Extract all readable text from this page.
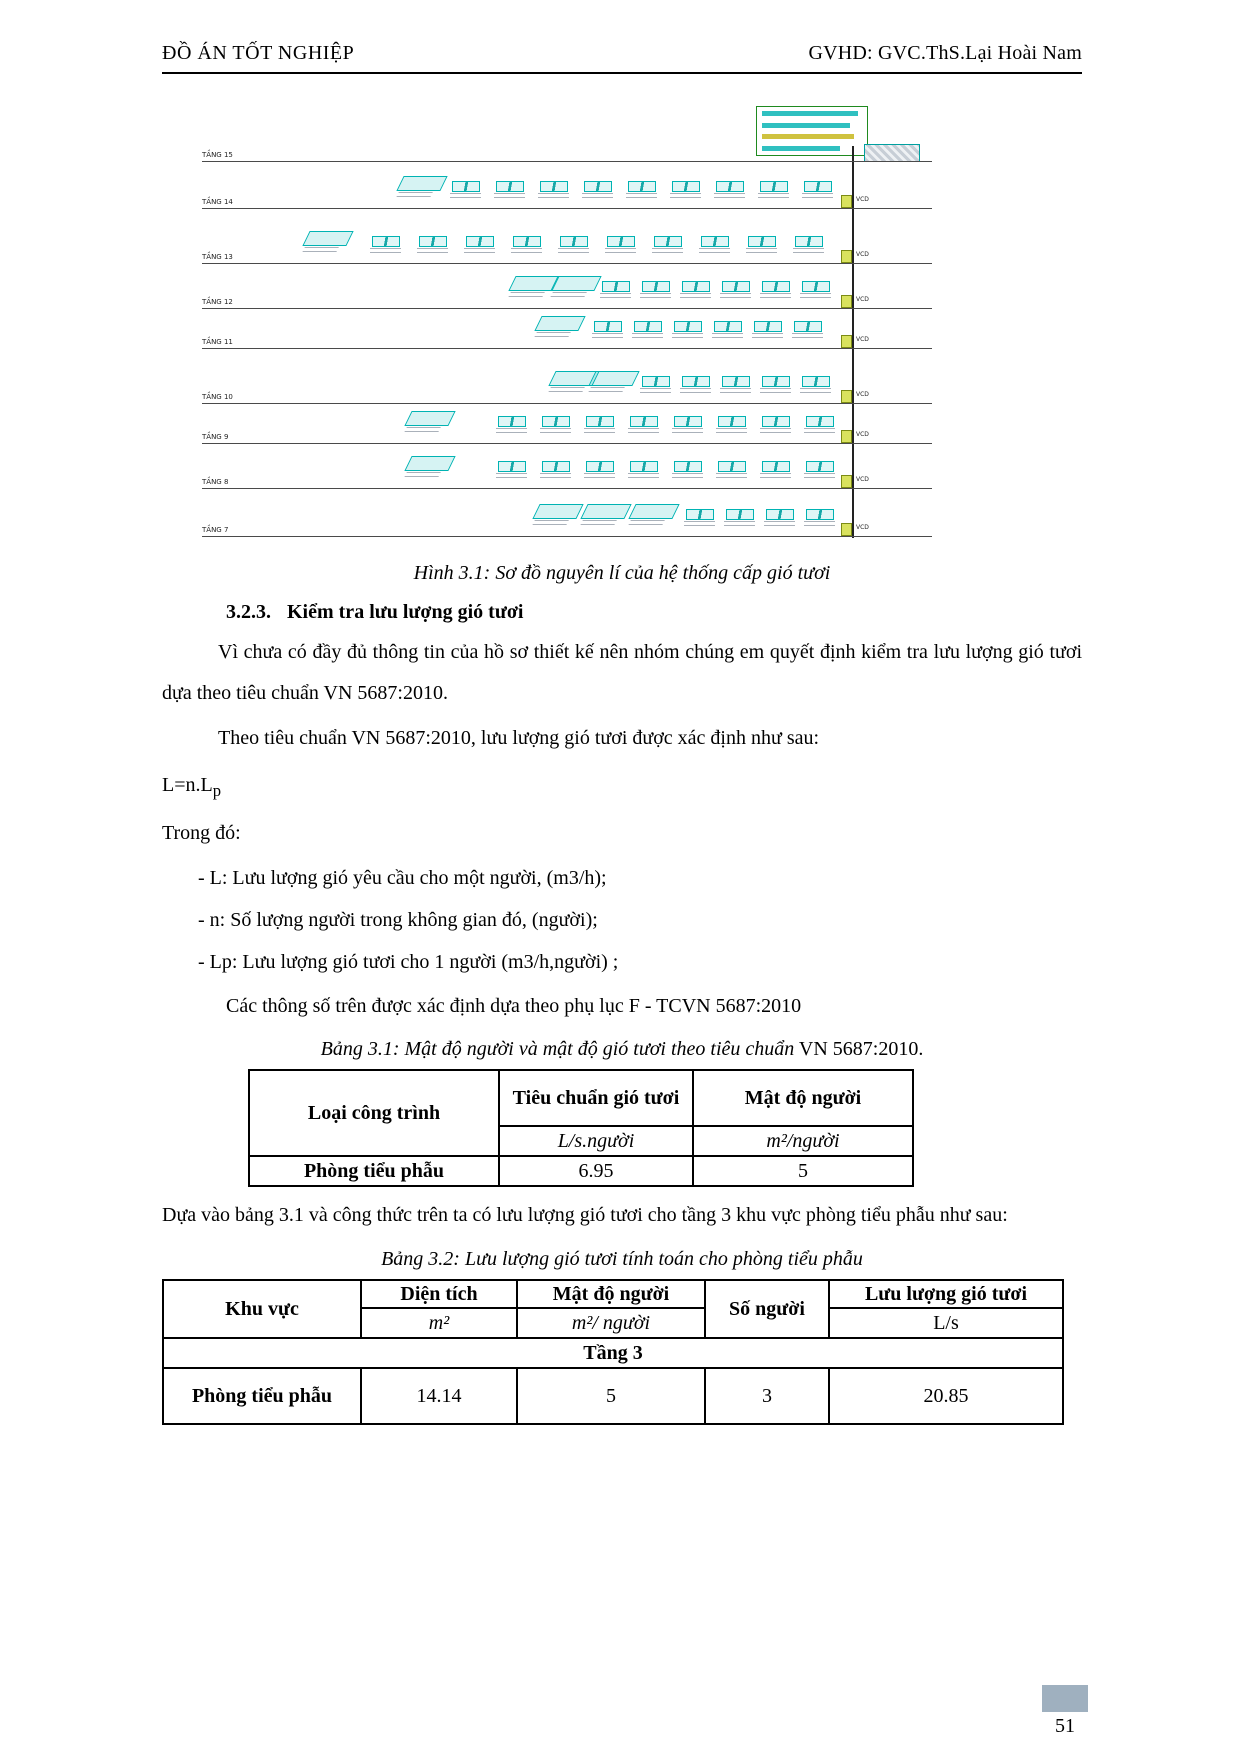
ĐỒ ÁN TỐT NGHIỆP	GVHD: GVC.ThS.Lại Hoài Nam
TẦNG 15
TẦNG 14	VCD
TẦNG 13	VCD
TẦNG 12	VCD
TẦNG 11	VCD
TẦNG 10	VCD
TẦNG 9	VCD
TẦNG 8	VCD
TẦNG 7	VCD
Hình 3.1: Sơ đồ nguyên lí của hệ thống cấp gió tươi
3.2.3. Kiểm tra lưu lượng gió tươi
Vì chưa có đầy đủ thông tin của hồ sơ thiết kế nên nhóm chúng em quyết định kiểm tra lưu lượng gió tươi dựa theo tiêu chuẩn VN 5687:2010.
Theo tiêu chuẩn VN 5687:2010, lưu lượng gió tươi được xác định như sau:
$L=n.L_p$
Trong đó:
- L: Lưu lượng gió yêu cầu cho một người, (m3/h);
- n: Số lượng người trong không gian đó, (người);
- Lp: Lưu lượng gió tươi cho 1 người (m3/h,người) ;
Các thông số trên được xác định dựa theo phụ lục F - TCVN 5687:2010
Bảng 3.1: Mật độ người và mật độ gió tươi theo tiêu chuẩn VN 5687:2010.
Loại công trình	Tiêu chuẩn gió tươi	Mật độ người
	L/s.người	m²/người
Phòng tiểu phẫu	6.95	5
Dựa vào bảng 3.1 và công thức trên ta có lưu lượng gió tươi cho tầng 3 khu vực phòng tiểu phẫu như sau:
Bảng 3.2: Lưu lượng gió tươi tính toán cho phòng tiểu phẫu
Khu vực	Diện tích	Mật độ người	Số người	Lưu lượng gió tươi
	m²	m²/ người		L/s
Tầng 3				
Phòng tiểu phẫu	14.14	5	3	20.85
51
